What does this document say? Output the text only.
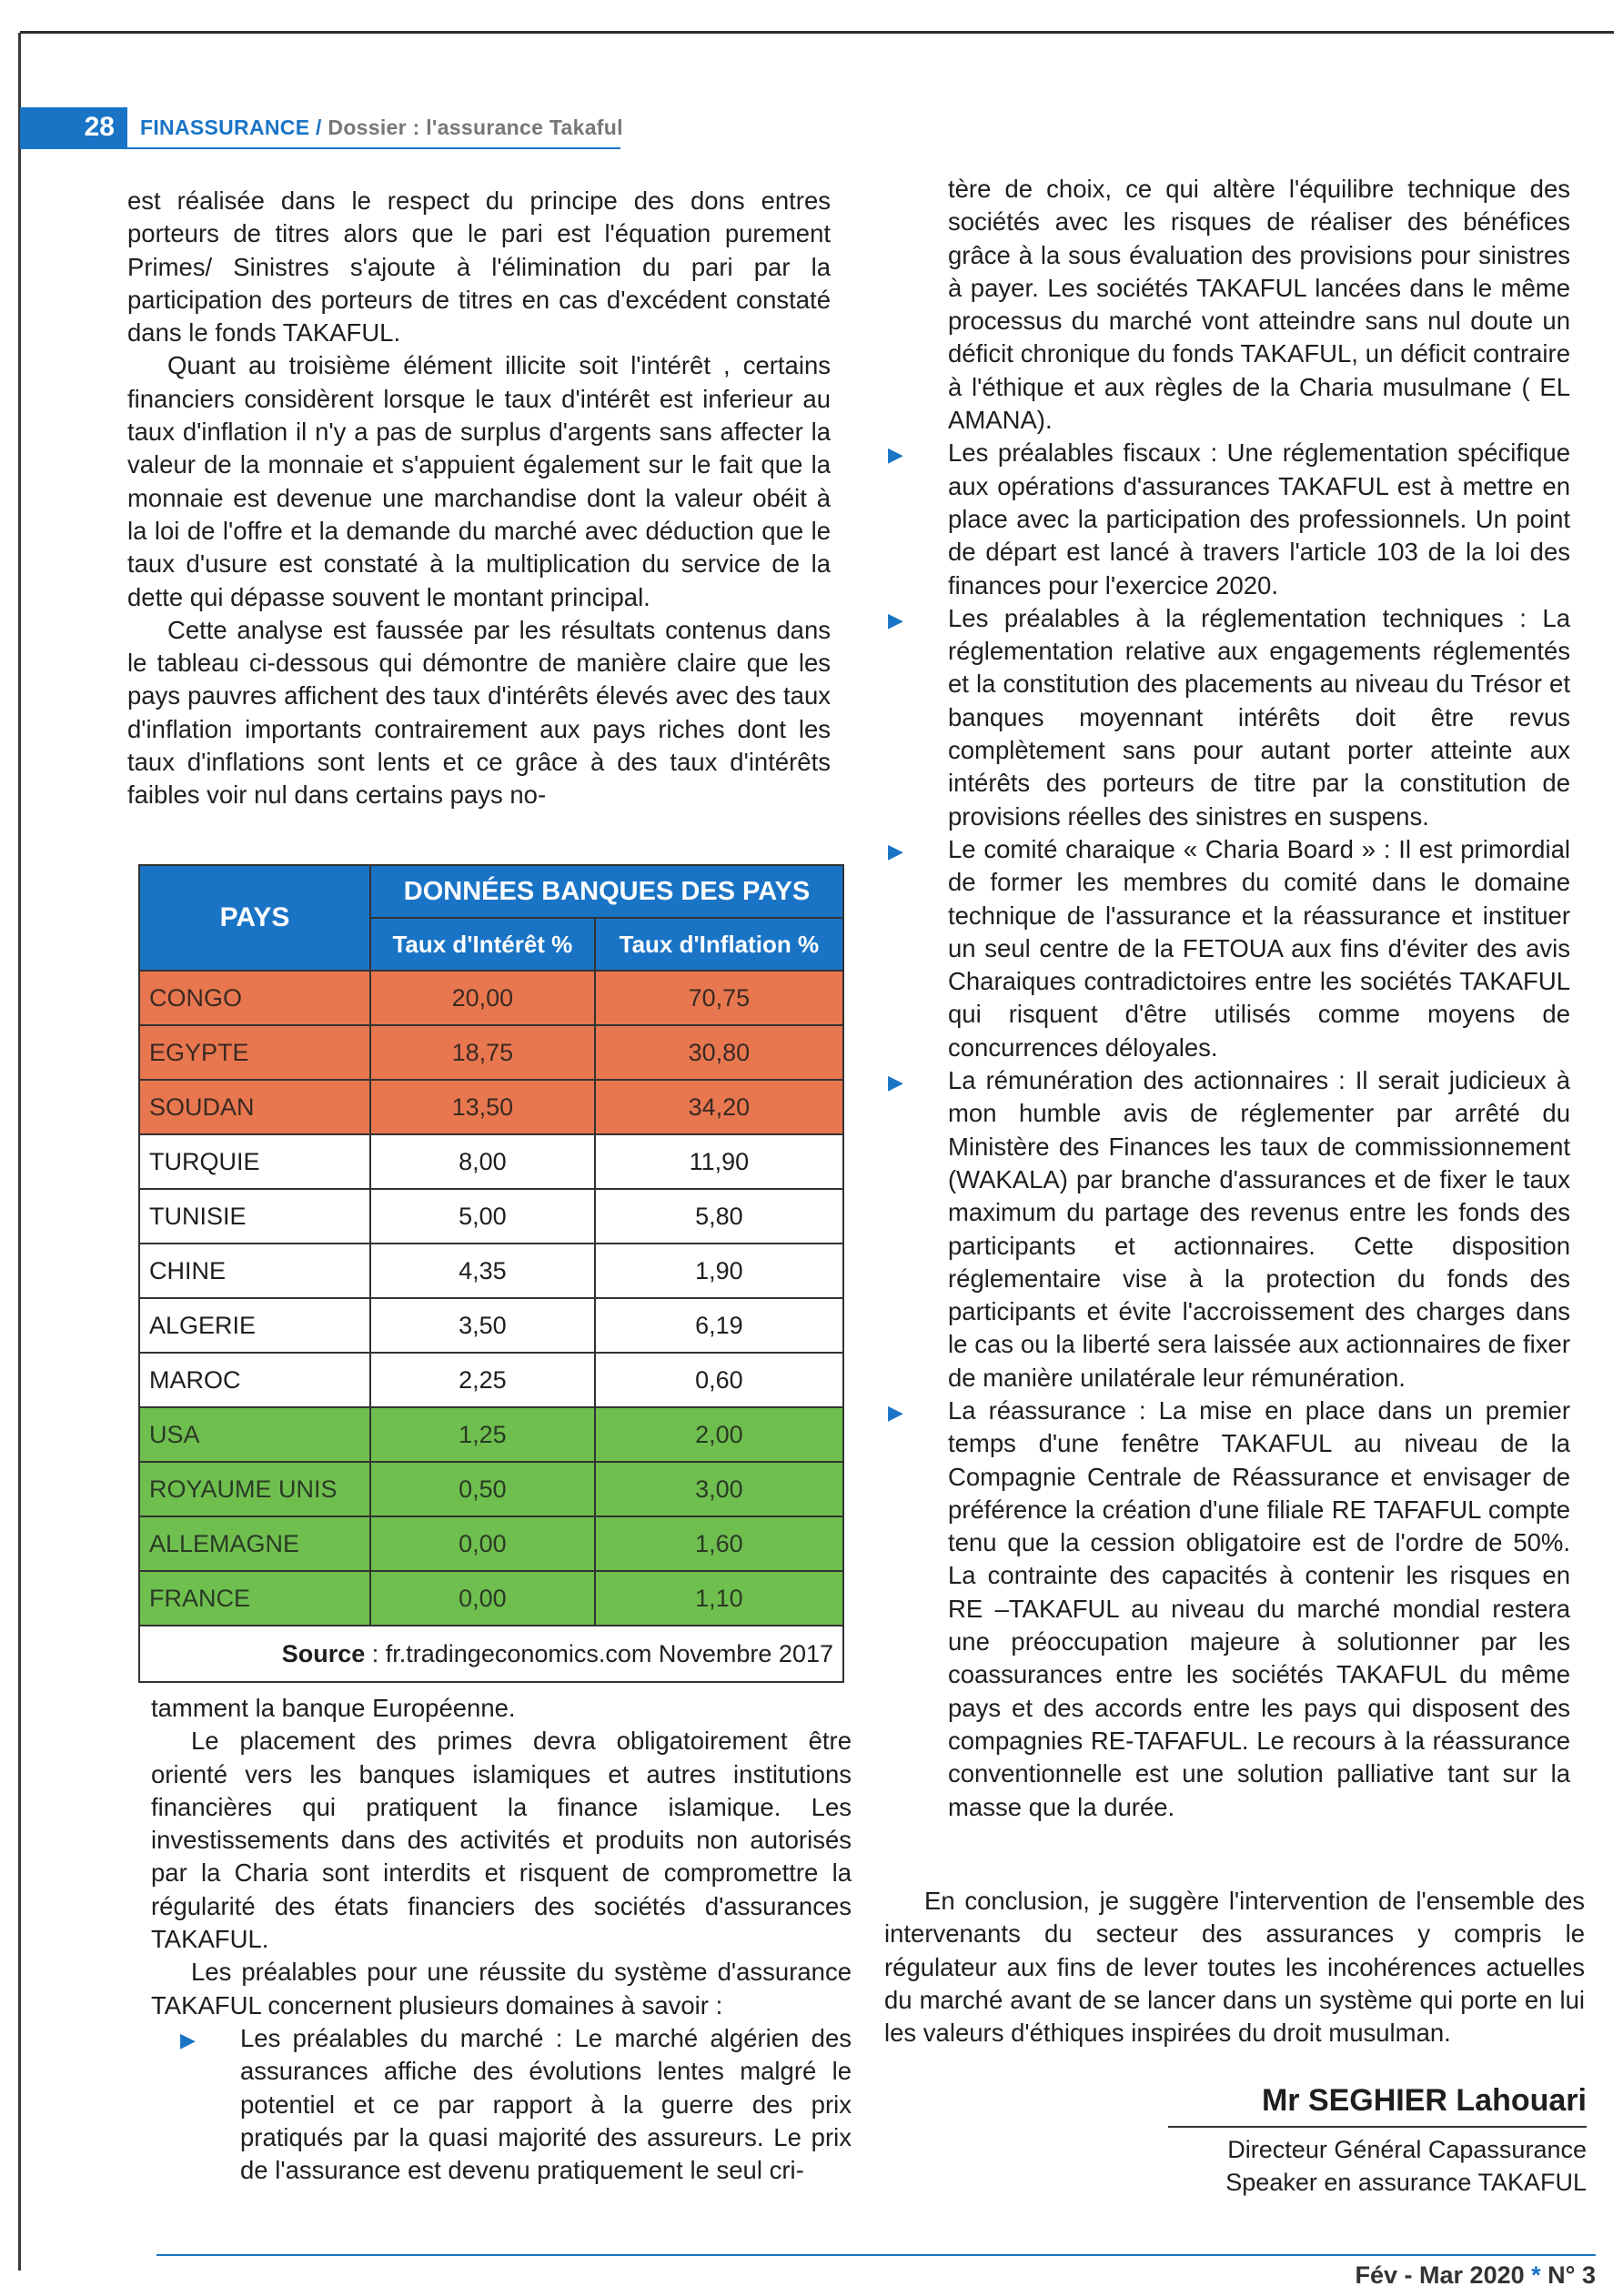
28	FINASSURANCE / Dossier : l'assurance Takaful

est réalisée dans le respect du principe des dons entres porteurs de titres alors que le pari est l'équation purement Primes/ Sinistres s'ajoute à l'élimination du pari par la participation des porteurs de titres en cas d'excédent constaté dans le fonds TAKAFUL.

Quant au troisième élément illicite soit l'intérêt , certains financiers considèrent lorsque le taux d'intérêt est inferieur au taux d'inflation il n'y a pas de surplus d'argents sans affecter la valeur de la monnaie et s'appuient également sur le fait que la monnaie est devenue une marchandise dont la valeur obéit à la loi de l'offre et la demande du marché avec déduction que le taux d'usure est constaté à la multiplication du service de la dette qui dépasse souvent le montant principal.

Cette analyse est faussée par les résultats contenus dans le tableau ci-dessous qui démontre de manière claire que les pays pauvres affichent des taux d'intérêts élevés avec des taux d'inflation importants contrairement aux pays riches dont les taux d'inflations sont lents et ce grâce à des taux d'intérêts faibles voir nul dans certains pays no-

PAYS	DONNÉES BANQUES DES PAYS	
	Taux d'Intérêt %	Taux d'Inflation %
CONGO	20,00	70,75
EGYPTE	18,75	30,80
SOUDAN	13,50	34,20
TURQUIE	8,00	11,90
TUNISIE	5,00	5,80
CHINE	4,35	1,90
ALGERIE	3,50	6,19
MAROC	2,25	0,60
USA	1,25	2,00
ROYAUME UNIS	0,50	3,00
ALLEMAGNE	0,00	1,60
FRANCE	0,00	1,10
Source : fr.tradingeconomics.com Novembre 2017		

tamment la banque Européenne.

Le placement des primes devra obligatoirement être orienté vers les banques islamiques et autres institutions financières qui pratiquent la finance islamique. Les investissements dans des activités et produits non autorisés par la Charia sont interdits et risquent de compromettre la régularité des états financiers des sociétés d'assurances TAKAFUL.

Les préalables pour une réussite du système d'assurance TAKAFUL concernent plusieurs domaines à savoir :

▶ Les préalables du marché : Le marché algérien des assurances affiche des évolutions lentes malgré le potentiel et ce par rapport à la guerre des prix pratiqués par la quasi majorité des assureurs. Le prix de l'assurance est devenu pratiquement le seul cri-

tère de choix, ce qui altère l'équilibre technique des sociétés avec les risques de réaliser des bénéfices grâce à la sous évaluation des provisions pour sinistres à payer. Les sociétés TAKAFUL lancées dans le même processus du marché vont atteindre sans nul doute un déficit chronique du fonds TAKAFUL, un déficit contraire à l'éthique et aux règles de la Charia musulmane ( EL AMANA).

▶ Les préalables fiscaux : Une réglementation spécifique aux opérations d'assurances TAKAFUL est à mettre en place avec la participation des professionnels. Un point de départ est lancé à travers l'article 103 de la loi des finances pour l'exercice 2020.
▶ Les préalables à la réglementation techniques : La réglementation relative aux engagements réglementés et la constitution des placements au niveau du Trésor et banques moyennant intérêts doit être revus complètement sans pour autant porter atteinte aux intérêts des porteurs de titre par la constitution de provisions réelles des sinistres en suspens.
▶ Le comité charaique « Charia Board » : Il est primordial de former les membres du comité dans le domaine technique de l'assurance et la réassurance et instituer un seul centre de la FETOUA aux fins d'éviter des avis Charaiques contradictoires entre les sociétés TAKAFUL qui risquent d'être utilisés comme moyens de concurrences déloyales.
▶ La rémunération des actionnaires : Il serait judicieux à mon humble avis de réglementer par arrêté du Ministère des Finances les taux de commissionnement (WAKALA) par branche d'assurances et de fixer le taux maximum du partage des revenus entre les fonds des participants et actionnaires. Cette disposition réglementaire vise à la protection du fonds des participants et évite l'accroissement des charges dans le cas ou la liberté sera laissée aux actionnaires de fixer de manière unilatérale leur rémunération.
▶ La réassurance : La mise en place dans un premier temps d'une fenêtre TAKAFUL au niveau de la Compagnie Centrale de Réassurance et envisager de préférence la création d'une filiale RE TAFAFUL compte tenu que la cession obligatoire est de l'ordre de 50%. La contrainte des capacités à contenir les risques en RE –TAKAFUL au niveau du marché mondial restera une préoccupation majeure à solutionner par les coassurances entre les sociétés TAKAFUL du même pays et des accords entre les pays qui disposent des compagnies RE-TAFAFUL. Le recours à la réassurance conventionnelle est une solution palliative tant sur la masse que la durée.

En conclusion, je suggère l'intervention de l'ensemble des intervenants du secteur des assurances y compris le régulateur aux fins de lever toutes les incohérences actuelles du marché avant de se lancer dans un système qui porte en lui les valeurs d'éthiques inspirées du droit musulman.

Mr SEGHIER Lahouari
Directeur Général Capassurance
Speaker en assurance TAKAFUL
Fév - Mar 2020 * N° 3
